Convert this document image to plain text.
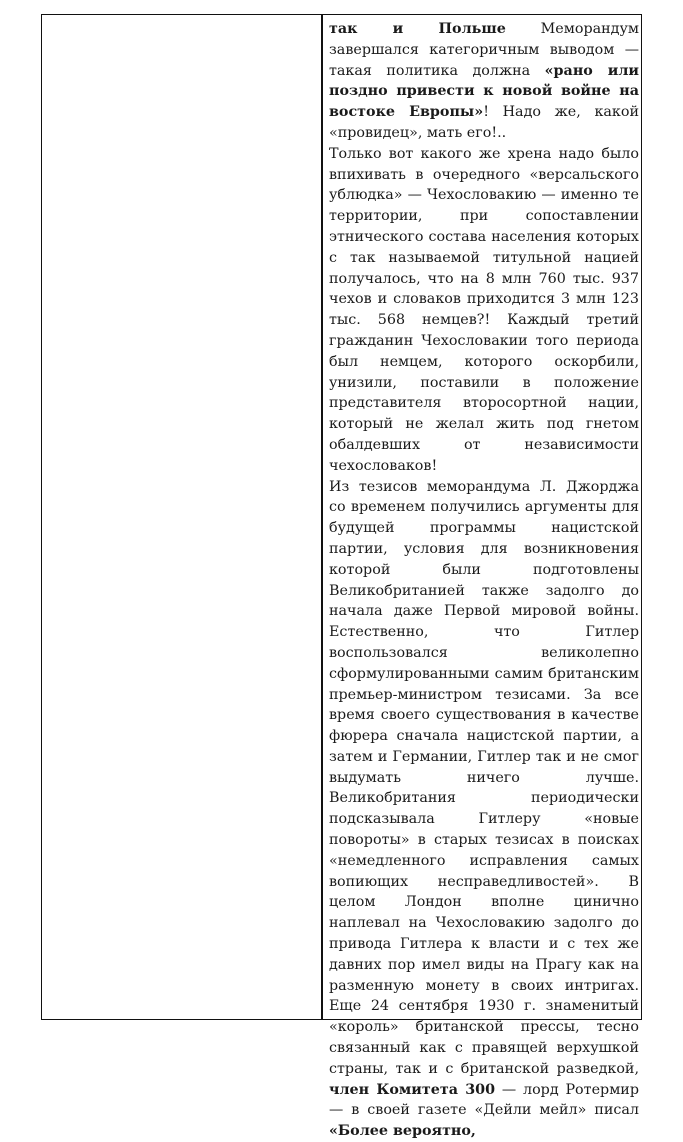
так и Польше Меморандум завершался категоричным выводом — такая политика должна «рано или поздно привести к новой войне на востоке Европы»! Надо же, какой «провидец», мать его!..

Только вот какого же хрена надо было впихивать в очередного «версальского ублюдка» — Чехословакию — именно те территории, при сопоставлении этнического состава населения которых с так называемой титульной нацией получалось, что на 8 млн 760 тыс. 937 чехов и словаков приходится 3 млн 123 тыс. 568 немцев?! Каждый третий гражданин Чехословакии того периода был немцем, которого оскорбили, унизили, поставили в положение представителя второсортной нации, который не желал жить под гнетом обалдевших от независимости чехословаков!

Из тезисов меморандума Л. Джорджа со временем получились аргументы для будущей программы нацистской партии, условия для возникновения которой были подготовлены Великобританией также задолго до начала даже Первой мировой войны. Естественно, что Гитлер воспользовался великолепно сформулированными самим британским премьер-министром тезисами. За все время своего существования в качестве фюрера сначала нацистской партии, а затем и Германии, Гитлер так и не смог выдумать ничего лучше. Великобритания периодически подсказывала Гитлеру «новые повороты» в старых тезисах в поисках «немедленного исправления самых вопиющих несправедливостей». В целом Лондон вполне цинично наплевал на Чехословакию задолго до привода Гитлера к власти и с тех же давних пор имел виды на Прагу как на разменную монету в своих интригах. Еще 24 сентября 1930 г. знаменитый «король» британской прессы, тесно связанный как с правящей верхушкой страны, так и с британской разведкой, член Комитета 300 — лорд Ротермир — в своей газете «Дейли мейл» писал «Более вероятно,
